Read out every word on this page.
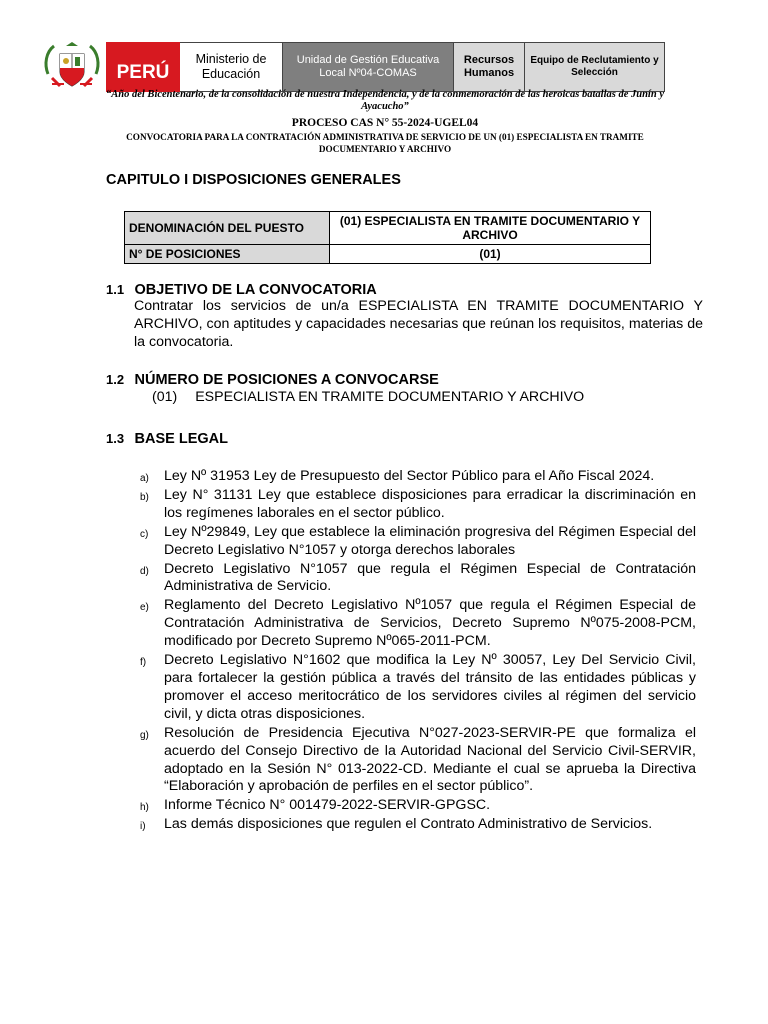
PERÚ
Ministerio de Educación
Unidad de Gestión Educativa Local Nº04-COMAS
Recursos Humanos
Equipo de Reclutamiento y Selección
“Año del Bicentenario, de la consolidación de nuestra Independencia, y de la conmemoración de las heroicas batallas de Junín y Ayacucho”
PROCESO CAS N° 55-2024-UGEL04
CONVOCATORIA PARA LA CONTRATACIÓN ADMINISTRATIVA DE SERVICIO DE UN (01) ESPECIALISTA EN TRAMITE DOCUMENTARIO Y ARCHIVO
CAPITULO I DISPOSICIONES GENERALES
DENOMINACIÓN DEL PUESTO	(01) ESPECIALISTA EN TRAMITE DOCUMENTARIO Y ARCHIVO
N° DE POSICIONES	(01)
1.1 OBJETIVO DE LA CONVOCATORIA
Contratar los servicios de un/a ESPECIALISTA EN TRAMITE DOCUMENTARIO Y ARCHIVO, con aptitudes y capacidades necesarias que reúnan los requisitos, materias de la convocatoria.
1.2 NÚMERO DE POSICIONES A CONVOCARSE
(01) ESPECIALISTA EN TRAMITE DOCUMENTARIO Y ARCHIVO
1.3 BASE LEGAL
a) Ley Nº 31953 Ley de Presupuesto del Sector Público para el Año Fiscal 2024.
b) Ley N° 31131 Ley que establece disposiciones para erradicar la discriminación en los regímenes laborales en el sector público.
c) Ley Nº29849, Ley que establece la eliminación progresiva del Régimen Especial del Decreto Legislativo N°1057 y otorga derechos laborales
d) Decreto Legislativo N°1057 que regula el Régimen Especial de Contratación Administrativa de Servicio.
e) Reglamento del Decreto Legislativo Nº1057 que regula el Régimen Especial de Contratación Administrativa de Servicios, Decreto Supremo Nº075-2008-PCM, modificado por Decreto Supremo Nº065-2011-PCM.
f) Decreto Legislativo N°1602 que modifica la Ley Nº 30057, Ley Del Servicio Civil, para fortalecer la gestión pública a través del tránsito de las entidades públicas y promover el acceso meritocrático de los servidores civiles al régimen del servicio civil, y dicta otras disposiciones.
g) Resolución de Presidencia Ejecutiva N°027-2023-SERVIR-PE que formaliza el acuerdo del Consejo Directivo de la Autoridad Nacional del Servicio Civil-SERVIR, adoptado en la Sesión N° 013-2022-CD. Mediante el cual se aprueba la Directiva “Elaboración y aprobación de perfiles en el sector público”.
h) Informe Técnico N° 001479-2022-SERVIR-GPGSC.
i) Las demás disposiciones que regulen el Contrato Administrativo de Servicios.
